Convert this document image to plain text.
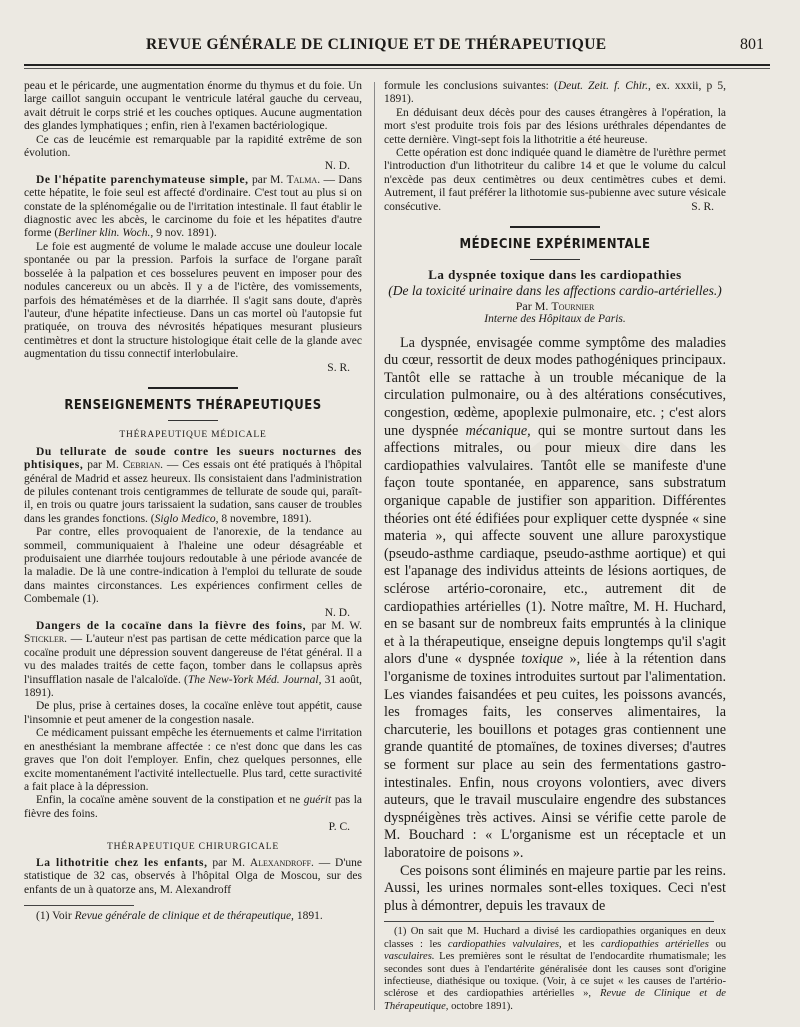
REVUE GÉNÉRALE DE CLINIQUE ET DE THÉRAPEUTIQUE	801

peau et le péricarde, une augmentation énorme du thymus et du foie. Un large caillot sanguin occupant le ventricule latéral gauche du cerveau, avait détruit le corps strié et les couches optiques. Aucune augmentation des glandes lymphatiques ; enfin, rien à l'examen bactériologique.

Ce cas de leucémie est remarquable par la rapidité extrême de son évolution.

N. D.

De l'hépatite parenchymateuse simple, par M. Talma. — Dans cette hépatite, le foie seul est affecté d'ordinaire. C'est tout au plus si on constate de la splénomégalie ou de l'irritation intestinale. Il faut établir le diagnostic avec les abcès, le carcinome du foie et les hépatites d'autre forme (Berliner klin. Woch., 9 nov. 1891).

Le foie est augmenté de volume le malade accuse une douleur locale spontanée ou par la pression. Parfois la surface de l'organe paraît bosselée à la palpation et ces bosselures peuvent en imposer pour des nodules cancereux ou un abcès. Il y a de l'ictère, des vomissements, parfois des hématémèses et de la diarrhée. Il s'agit sans doute, d'après l'auteur, d'une hépatite infectieuse. Dans un cas mortel où l'autopsie fut pratiquée, on trouva des névrosités hépatiques mesurant plusieurs centimètres et dont la structure histologique était celle de la glande avec augmentation du tissu connectif interlobulaire.

S. R.
RENSEIGNEMENTS THÉRAPEUTIQUES
THÉRAPEUTIQUE MÉDICALE

Du tellurate de soude contre les sueurs nocturnes des phtisiques, par M. Cebrian. — Ces essais ont été pratiqués à l'hôpital général de Madrid et assez heureux. Ils consistaient dans l'administration de pilules contenant trois centigrammes de tellurate de soude qui, paraît-il, en trois ou quatre jours tarissaient la sudation, sans causer de troubles dans les grandes fonctions. (Siglo Medico, 8 novembre, 1891).

Par contre, elles provoquaient de l'anorexie, de la tendance au sommeil, communiquaient à l'haleine une odeur désagréable et produisaient une diarrhée toujours redoutable à une période avancée de la maladie. De là une contre-indication à l'emploi du tellurate de soude dans maintes circonstances. Les expériences confirment celles de Combemale (1).

N. D.

Dangers de la cocaïne dans la fièvre des foins, par M. W. Stickler. — L'auteur n'est pas partisan de cette médication parce que la cocaïne produit une dépression souvent dangereuse de l'état général. Il a vu des malades traités de cette façon, tomber dans le collapsus après l'insufflation nasale de l'alcaloïde. (The New-York Méd. Journal, 31 août, 1891).

De plus, prise à certaines doses, la cocaïne enlève tout appétit, cause l'insomnie et peut amener de la congestion nasale.

Ce médicament puissant empêche les éternuements et calme l'irritation en anesthésiant la membrane affectée : ce n'est donc que dans les cas graves que l'on doit l'employer. Enfin, chez quelques personnes, elle excite momentanément l'activité intellectuelle. Plus tard, cette suractivité a fait place à la dépression.

Enfin, la cocaïne amène souvent de la constipation et ne guérit pas la fièvre des foins.

P. C.
THÉRAPEUTIQUE CHIRURGICALE

La lithotritie chez les enfants, par M. Alexandroff. — D'une statistique de 32 cas, observés à l'hôpital Olga de Moscou, sur des enfants de un à quatorze ans, M. Alexandroff

(1) Voir Revue générale de clinique et de thérapeutique, 1891.

formule les conclusions suivantes: (Deut. Zeit. f. Chir., ex. xxxii, p 5, 1891).

En déduisant deux décès pour des causes étrangères à l'opération, la mort s'est produite trois fois par des lésions uréthrales dépendantes de cette dernière. Vingt-sept fois la lithotritie a été heureuse.

Cette opération est donc indiquée quand le diamètre de l'urèthre permet l'introduction d'un lithotriteur du calibre 14 et que le volume du calcul n'excède pas deux centimètres ou deux centimètres cubes et demi. Autrement, il faut préférer la lithotomie sus-pubienne avec suture vésicale consécutive.	S. R.

MÉDECINE EXPÉRIMENTALE
La dyspnée toxique dans les cardiopathies
(De la toxicité urinaire dans les affections cardio-artérielles.)
Par M. Tournier
Interne des Hôpitaux de Paris.

La dyspnée, envisagée comme symptôme des maladies du cœur, ressortit de deux modes pathogéniques principaux. Tantôt elle se rattache à un trouble mécanique de la circulation pulmonaire, ou à des altérations consécutives, congestion, œdème, apoplexie pulmonaire, etc. ; c'est alors une dyspnée mécanique, qui se montre surtout dans les affections mitrales, ou pour mieux dire dans les cardiopathies valvulaires. Tantôt elle se manifeste d'une façon toute spontanée, en apparence, sans substratum organique capable de justifier son apparition. Différentes théories ont été édifiées pour expliquer cette dyspnée « sine materia », qui affecte souvent une allure paroxystique (pseudo-asthme cardiaque, pseudo-asthme aortique) et qui est l'apanage des individus atteints de lésions aortiques, de sclérose artério-coronaire, etc., autrement dit de cardiopathies artérielles (1). Notre maître, M. H. Huchard, en se basant sur de nombreux faits empruntés à la clinique et à la thérapeutique, enseigne depuis longtemps qu'il s'agit alors d'une « dyspnée toxique », liée à la rétention dans l'organisme de toxines introduites surtout par l'alimentation. Les viandes faisandées et peu cuites, les poissons avancés, les fromages faits, les conserves alimentaires, la charcuterie, les bouillons et potages gras contiennent une grande quantité de ptomaïnes, de toxines diverses; d'autres se forment sur place au sein des fermentations gastro-intestinales. Enfin, nous croyons volontiers, avec divers auteurs, que le travail musculaire engendre des substances dyspnéigènes très actives. Ainsi se vérifie cette parole de M. Bouchard : « L'organisme est un réceptacle et un laboratoire de poisons ».

Ces poisons sont éliminés en majeure partie par les reins. Aussi, les urines normales sont-elles toxiques. Ceci n'est plus à démontrer, depuis les travaux de

(1) On sait que M. Huchard a divisé les cardiopathies organiques en deux classes : les cardiopathies valvulaires, et les cardiopathies artérielles ou vasculaires. Les premières sont le résultat de l'endocardite rhumatismale; les secondes sont dues à l'endartérite généralisée dont les causes sont d'origine infectieuse, diathésique ou toxique. (Voir, à ce sujet « les causes de l'artério-sclérose et des cardiopathies artérielles », Revue de Clinique et de Thérapeutique, octobre 1891).
